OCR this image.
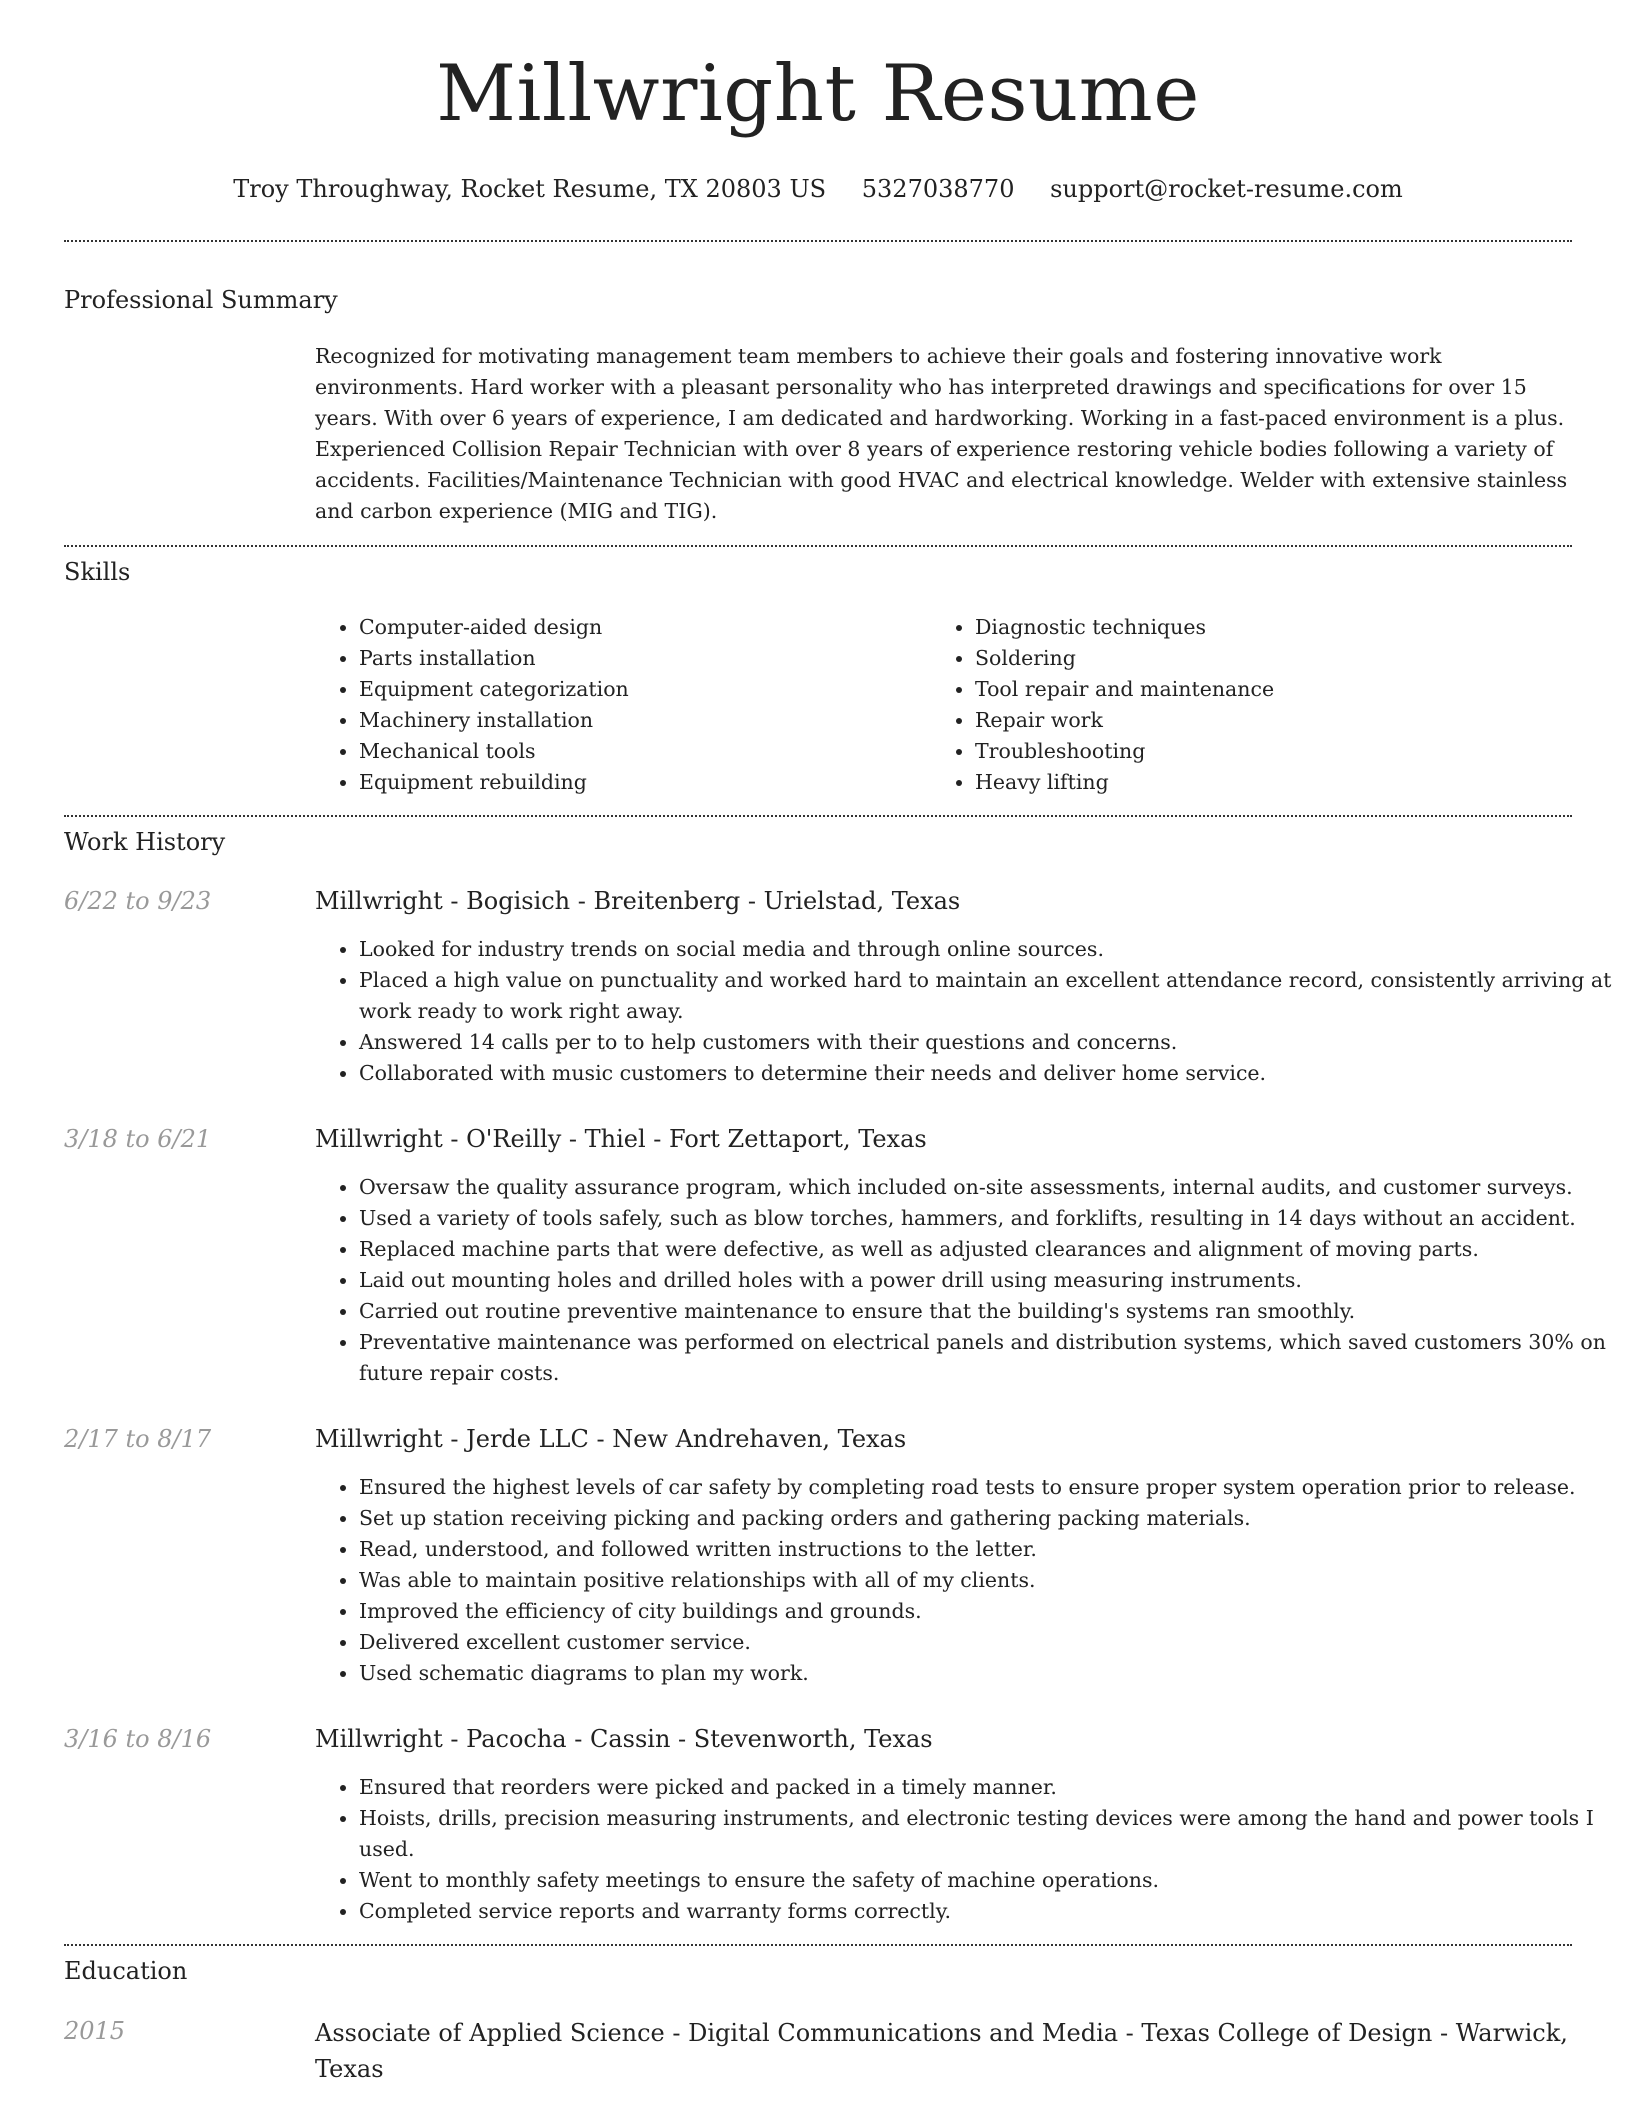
Millwright Resume
Troy Throughway, Rocket Resume, TX 20803 US 5327038770 support@rocket-resume.com
Professional Summary

Recognized for motivating management team members to achieve their goals and fostering innovative work environments. Hard worker with a pleasant personality who has interpreted drawings and specifications for over 15 years. With over 6 years of experience, I am dedicated and hardworking. Working in a fast-paced environment is a plus. Experienced Collision Repair Technician with over 8 years of experience restoring vehicle bodies following a variety of accidents. Facilities/Maintenance Technician with good HVAC and electrical knowledge. Welder with extensive stainless and carbon experience (MIG and TIG).

Skills
• Computer-aided design
• Parts installation
• Equipment categorization
• Machinery installation
• Mechanical tools
• Equipment rebuilding
• Diagnostic techniques
• Soldering
• Tool repair and maintenance
• Repair work
• Troubleshooting
• Heavy lifting
Work History
6/22 to 9/23	Millwright - Bogisich - Breitenberg - Urielstad, Texas
• Looked for industry trends on social media and through online sources.
• Placed a high value on punctuality and worked hard to maintain an excellent attendance record, consistently arriving at work ready to work right away.
• Answered 14 calls per to to help customers with their questions and concerns.
• Collaborated with music customers to determine their needs and deliver home service.
3/18 to 6/21	Millwright - O'Reilly - Thiel - Fort Zettaport, Texas
• Oversaw the quality assurance program, which included on-site assessments, internal audits, and customer surveys.
• Used a variety of tools safely, such as blow torches, hammers, and forklifts, resulting in 14 days without an accident.
• Replaced machine parts that were defective, as well as adjusted clearances and alignment of moving parts.
• Laid out mounting holes and drilled holes with a power drill using measuring instruments.
• Carried out routine preventive maintenance to ensure that the building's systems ran smoothly.
• Preventative maintenance was performed on electrical panels and distribution systems, which saved customers 30% on future repair costs.
2/17 to 8/17	Millwright - Jerde LLC - New Andrehaven, Texas
• Ensured the highest levels of car safety by completing road tests to ensure proper system operation prior to release.
• Set up station receiving picking and packing orders and gathering packing materials.
• Read, understood, and followed written instructions to the letter.
• Was able to maintain positive relationships with all of my clients.
• Improved the efficiency of city buildings and grounds.
• Delivered excellent customer service.
• Used schematic diagrams to plan my work.
3/16 to 8/16	Millwright - Pacocha - Cassin - Stevenworth, Texas
• Ensured that reorders were picked and packed in a timely manner.
• Hoists, drills, precision measuring instruments, and electronic testing devices were among the hand and power tools I used.
• Went to monthly safety meetings to ensure the safety of machine operations.
• Completed service reports and warranty forms correctly.
Education
2015	Associate of Applied Science - Digital Communications and Media - Texas College of Design - Warwick, Texas
